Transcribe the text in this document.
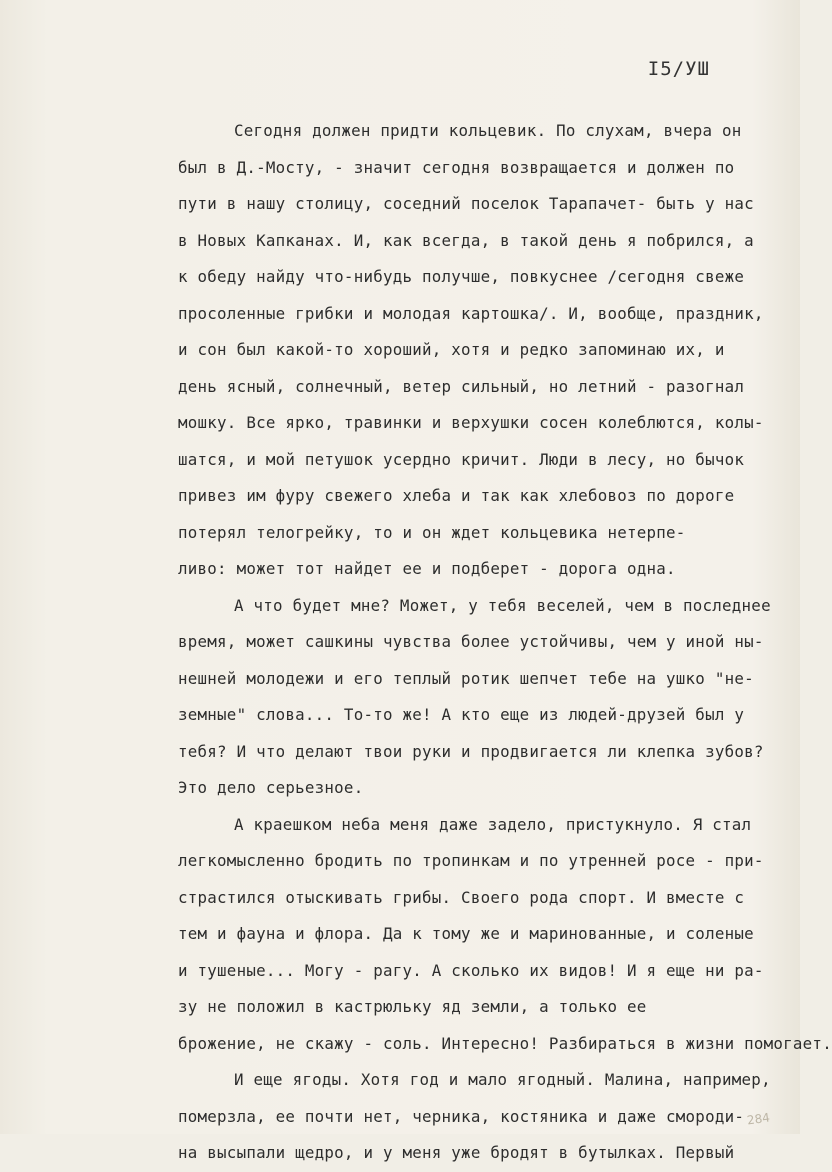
I5/УШ
Сегодня должен придти кольцевик. По слухам, вчера он
был в Д.-Мосту, - значит сегодня возвращается и должен по
пути в нашу столицу, соседний поселок Тарапачет- быть у нас
в Новых Капканах. И, как всегда, в такой день я побрился, а
к обеду найду что-нибудь получше, повкуснее /сегодня свеже
просоленные грибки и молодая картошка/. И, вообще, праздник,
и сон был какой-то хороший, хотя и редко запоминаю их, и
день ясный, солнечный, ветер сильный, но летний - разогнал
мошку. Все ярко, травинки и верхушки сосен колеблются, колы-
шатся, и мой петушок усердно кричит. Люди в лесу, но бычок
привез им фуру свежего хлеба и так как хлебовоз по дороге
потерял телогрейку, то и он ждет кольцевика нетерпе-
ливо: может тот найдет ее и подберет - дорога одна.
А что будет мне? Может, у тебя веселей, чем в последнее
время, может сашкины чувства более устойчивы, чем у иной ны-
нешней молодежи и его теплый ротик шепчет тебе на ушко "не-
земные" слова... То-то же! А кто еще из людей-друзей был у
тебя? И что делают твои руки и продвигается ли клепка зубов?
Это дело серьезное.
А краешком неба меня даже задело, пристукнуло. Я стал
легкомысленно бродить по тропинкам и по утренней росе - при-
страстился отыскивать грибы. Своего рода спорт. И вместе с
тем и фауна и флора. Да к тому же и маринованные, и соленые
и тушеные... Могу - рагу. А сколько их видов! И я еще ни ра-
зу не положил в кастрюльку яд земли, а только ее
брожение, не скажу - соль. Интересно! Разбираться в жизни помогает.
И еще ягоды. Хотя год и мало ягодный. Малина, например,
померзла, ее почти нет, черника, костяника и даже смороди-
на высыпали щедро, и у меня уже бродят в бутылках. Первый
284
